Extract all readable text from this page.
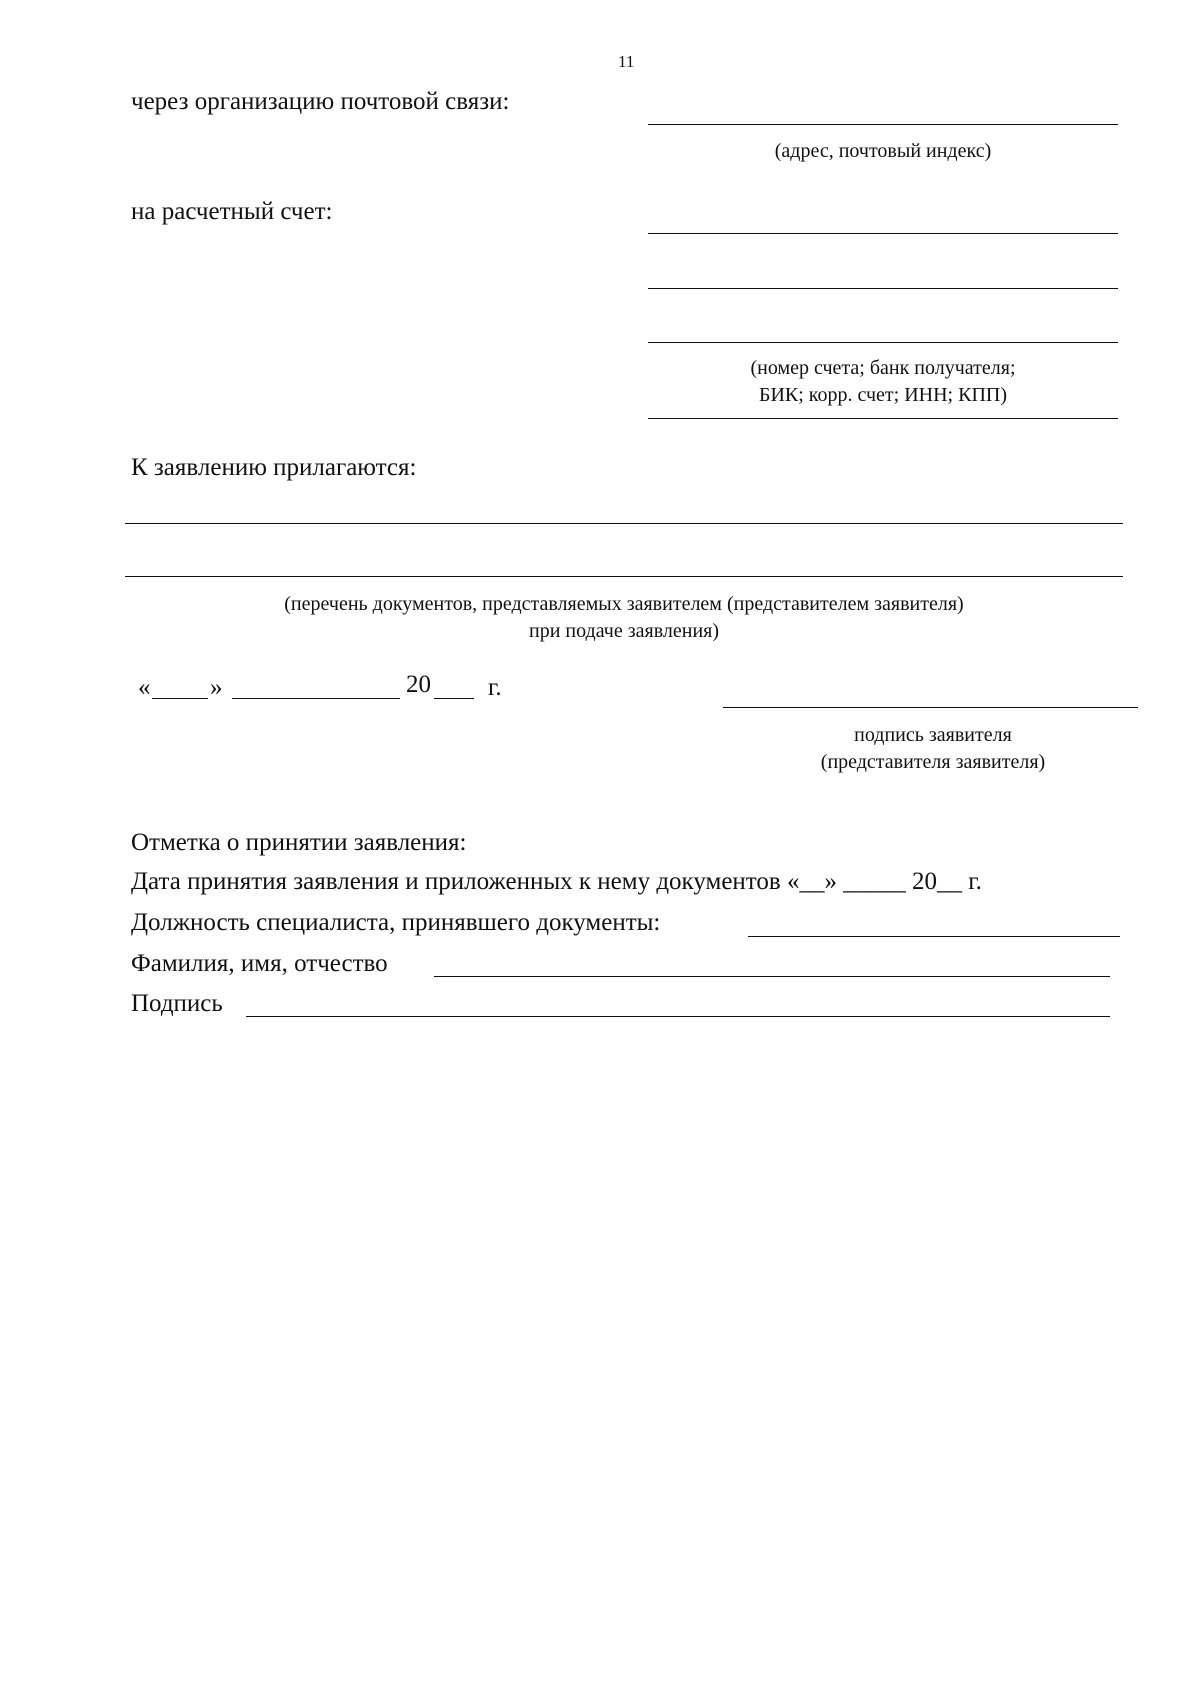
11
через организацию почтовой связи:
(адрес, почтовый индекс)
на расчетный счет:
(номер счета; банк получателя;
БИК; корр. счет; ИНН; КПП)
К заявлению прилагаются:
(перечень документов, представляемых заявителем (представителем заявителя)
при подаче заявления)
« »	20 г.
подпись заявителя
(представителя заявителя)
Отметка о принятии заявления:
Дата принятия заявления и приложенных к нему документов «__» _____ 20__ г.
Должность специалиста, принявшего документы:
Фамилия, имя, отчество
Подпись
